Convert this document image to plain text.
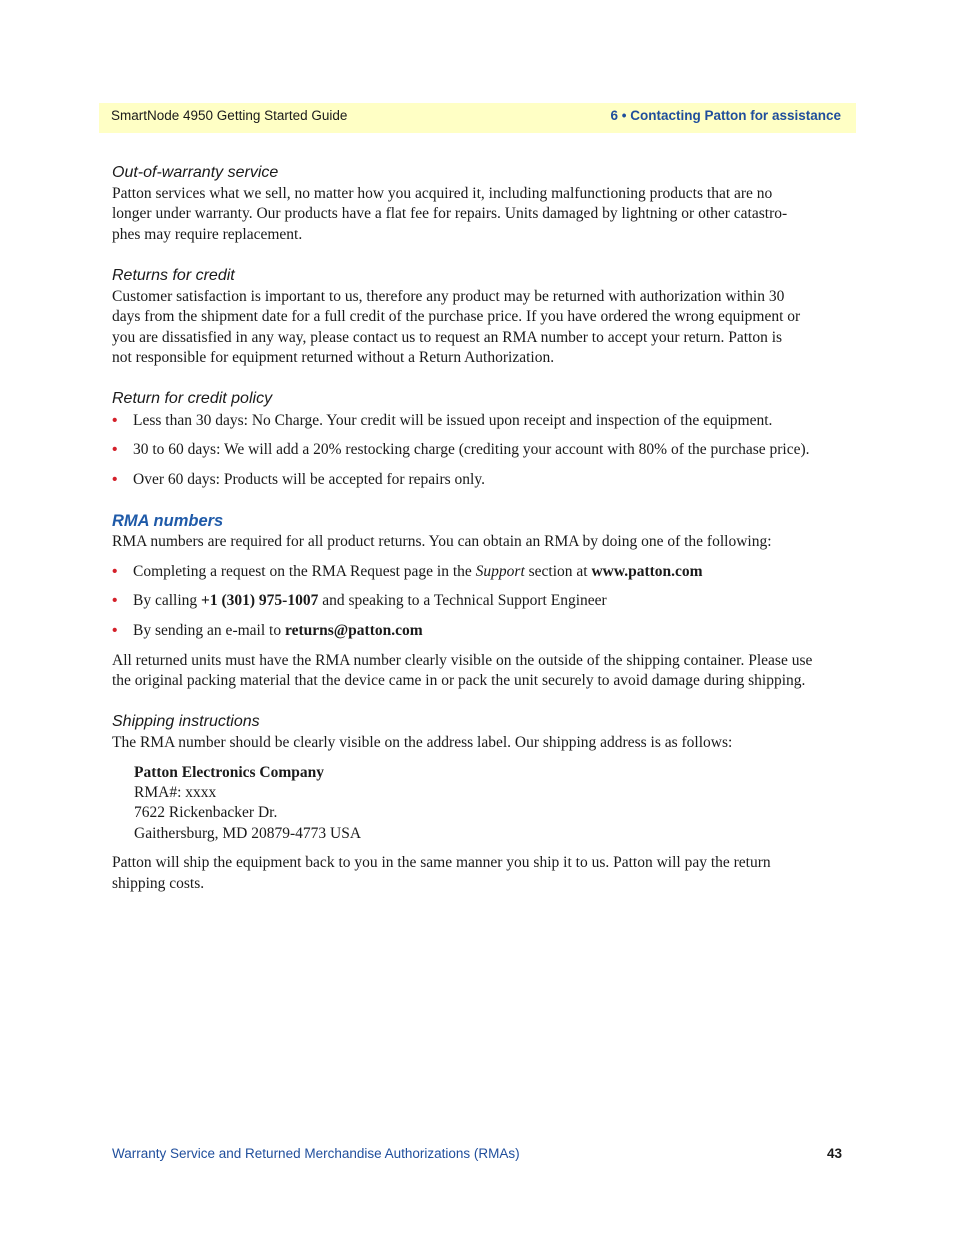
SmartNode 4950 Getting Started Guide	6 • Contacting Patton for assistance
Out-of-warranty service
Patton services what we sell, no matter how you acquired it, including malfunctioning products that are no
longer under warranty. Our products have a flat fee for repairs. Units damaged by lightning or other catastro-
phes may require replacement.
Returns for credit
Customer satisfaction is important to us, therefore any product may be returned with authorization within 30
days from the shipment date for a full credit of the purchase price. If you have ordered the wrong equipment or
you are dissatisfied in any way, please contact us to request an RMA number to accept your return. Patton is
not responsible for equipment returned without a Return Authorization.
Return for credit policy
• Less than 30 days: No Charge. Your credit will be issued upon receipt and inspection of the equipment.
• 30 to 60 days: We will add a 20% restocking charge (crediting your account with 80% of the purchase price).
• Over 60 days: Products will be accepted for repairs only.
RMA numbers
RMA numbers are required for all product returns. You can obtain an RMA by doing one of the following:
• Completing a request on the RMA Request page in the Support section at www.patton.com
• By calling +1 (301) 975-1007 and speaking to a Technical Support Engineer
• By sending an e-mail to returns@patton.com
All returned units must have the RMA number clearly visible on the outside of the shipping container. Please use
the original packing material that the device came in or pack the unit securely to avoid damage during shipping.
Shipping instructions
The RMA number should be clearly visible on the address label. Our shipping address is as follows:
Patton Electronics Company
RMA#: xxxx
7622 Rickenbacker Dr.
Gaithersburg, MD 20879-4773 USA
Patton will ship the equipment back to you in the same manner you ship it to us. Patton will pay the return
shipping costs.
Warranty Service and Returned Merchandise Authorizations (RMAs)	43
